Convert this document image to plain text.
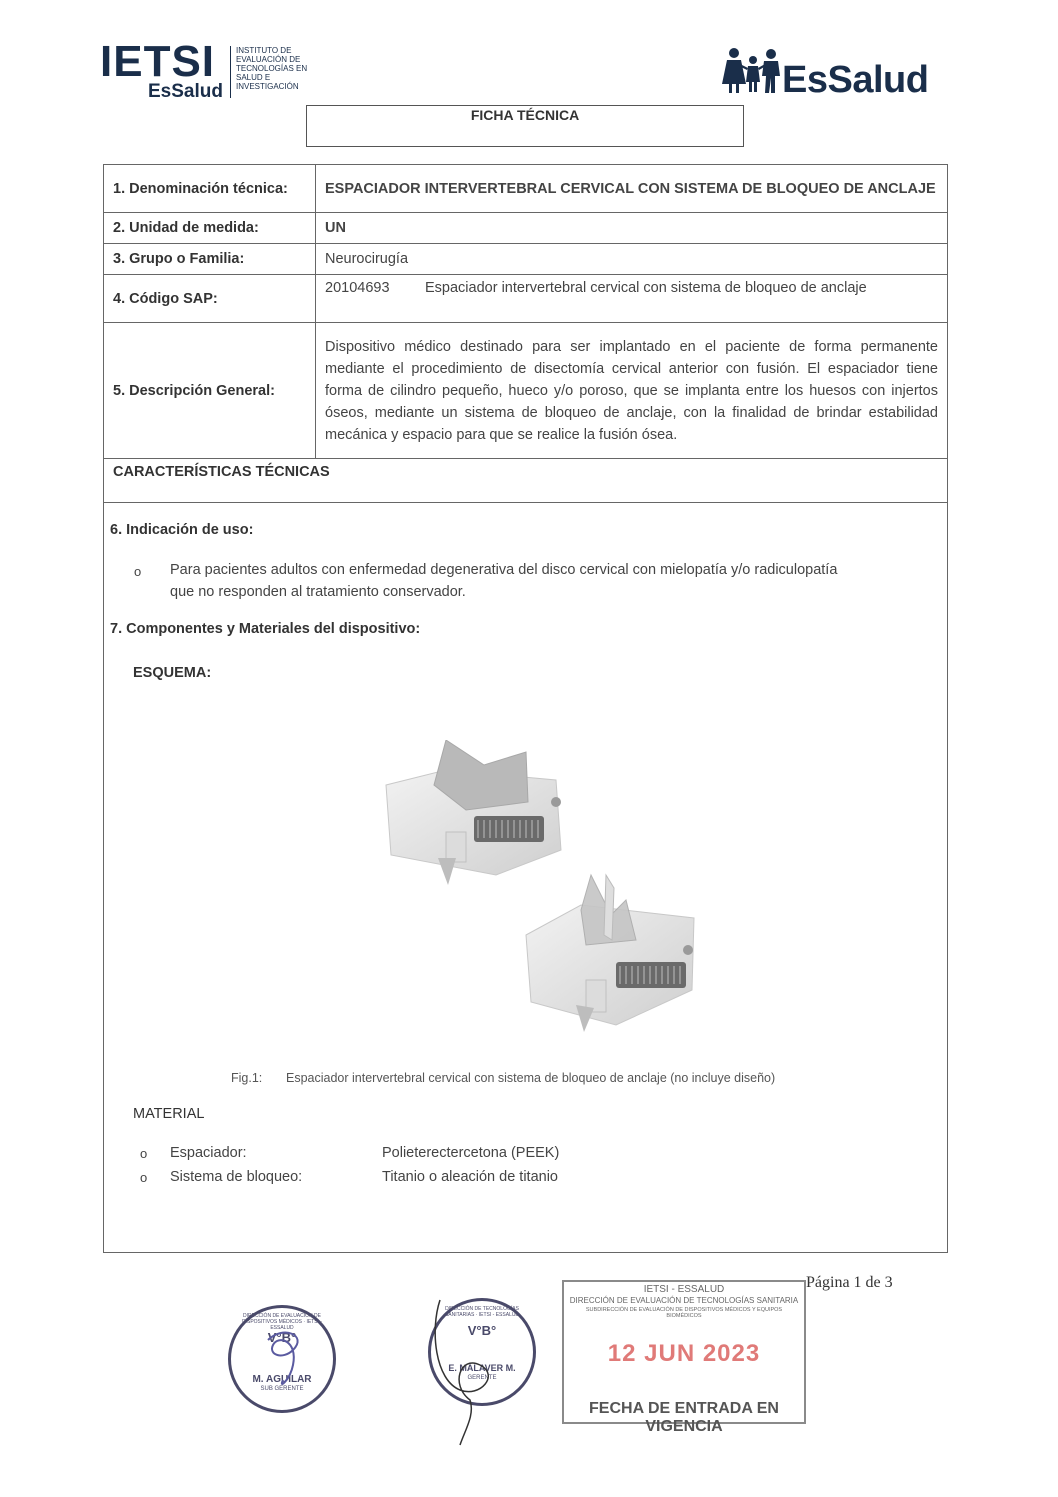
IETSI
EsSalud
INSTITUTO DE
EVALUACIÓN DE
TECNOLOGÍAS EN
SALUD E
INVESTIGACIÓN	EsSalud
FICHA TÉCNICA
1. Denominación técnica:	ESPACIADOR INTERVERTEBRAL CERVICAL CON SISTEMA DE BLOQUEO DE ANCLAJE
2. Unidad de medida:	UN
3. Grupo o Familia:	Neurocirugía
4. Código SAP:	20104693 Espaciador intervertebral cervical con sistema de bloqueo de anclaje
5. Descripción General:	Dispositivo médico destinado para ser implantado en el paciente de forma permanente mediante el procedimiento de disectomía cervical anterior con fusión. El espaciador tiene forma de cilindro pequeño, hueco y/o poroso, que se implanta entre los huesos con injertos óseos, mediante un sistema de bloqueo de anclaje, con la finalidad de brindar estabilidad mecánica y espacio para que se realice la fusión ósea.
CARACTERÍSTICAS TÉCNICAS	
6. Indicación de uso:
o Para pacientes adultos con enfermedad degenerativa del disco cervical con mielopatía y/o radiculopatía
que no responden al tratamiento conservador.
7. Componentes y Materiales del dispositivo:
ESQUEMA:
Fig.1: Espaciador intervertebral cervical con sistema de bloqueo de anclaje (no incluye diseño)
MATERIAL
o Espaciador:	Polieterectercetona (PEEK)
o Sistema de bloqueo:	Titanio o aleación de titanio
Página 1 de 3
DIRECCIÓN DE EVALUACIÓN DE DISPOSITIVOS MÉDICOS · IETSI - ESSALUD
V°B°
M. AGUILAR
SUB GERENTE
DIRECCIÓN DE TECNOLOGÍAS SANITARIAS · IETSI - ESSALUD
V°B°
E. MALAVER M.
GERENTE
IETSI - ESSALUD
DIRECCIÓN DE EVALUACIÓN DE TECNOLOGÍAS SANITARIA
SUBDIRECCIÓN DE EVALUACIÓN DE DISPOSITIVOS MÉDICOS Y EQUIPOS BIOMÉDICOS
12 JUN 2023
FECHA DE ENTRADA EN VIGENCIA
